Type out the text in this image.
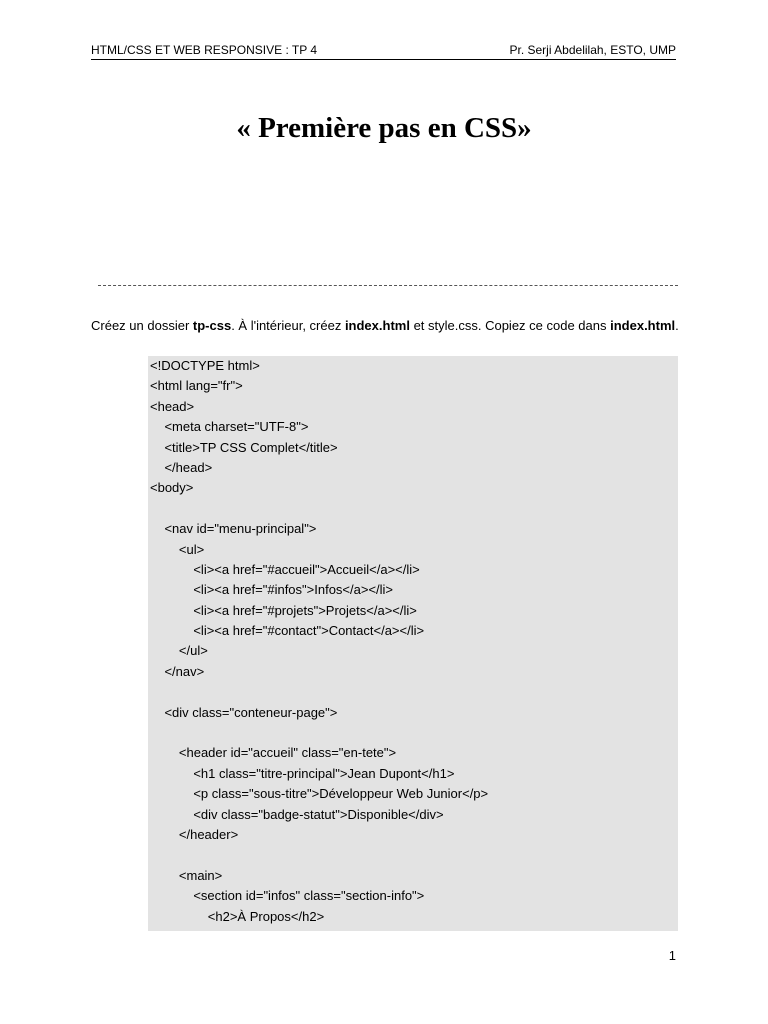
HTML/CSS ET WEB RESPONSIVE : TP 4	Pr. Serji Abdelilah, ESTO, UMP
« Première pas en CSS»
Créez un dossier tp-css. À l'intérieur, créez index.html et style.css. Copiez ce code dans index.html.
<!DOCTYPE html>
<html lang="fr">
<head>
<meta charset="UTF-8">
<title>TP CSS Complet</title>
</head>
<body>
<nav id="menu-principal">
<ul>
<li><a href="#accueil">Accueil</a></li>
<li><a href="#infos">Infos</a></li>
<li><a href="#projets">Projets</a></li>
<li><a href="#contact">Contact</a></li>
</ul>
</nav>
<div class="conteneur-page">
<header id="accueil" class="en-tete">
<h1 class="titre-principal">Jean Dupont</h1>
<p class="sous-titre">Développeur Web Junior</p>
<div class="badge-statut">Disponible</div>
</header>
<main>
<section id="infos" class="section-info">
<h2>À Propos</h2>
1
